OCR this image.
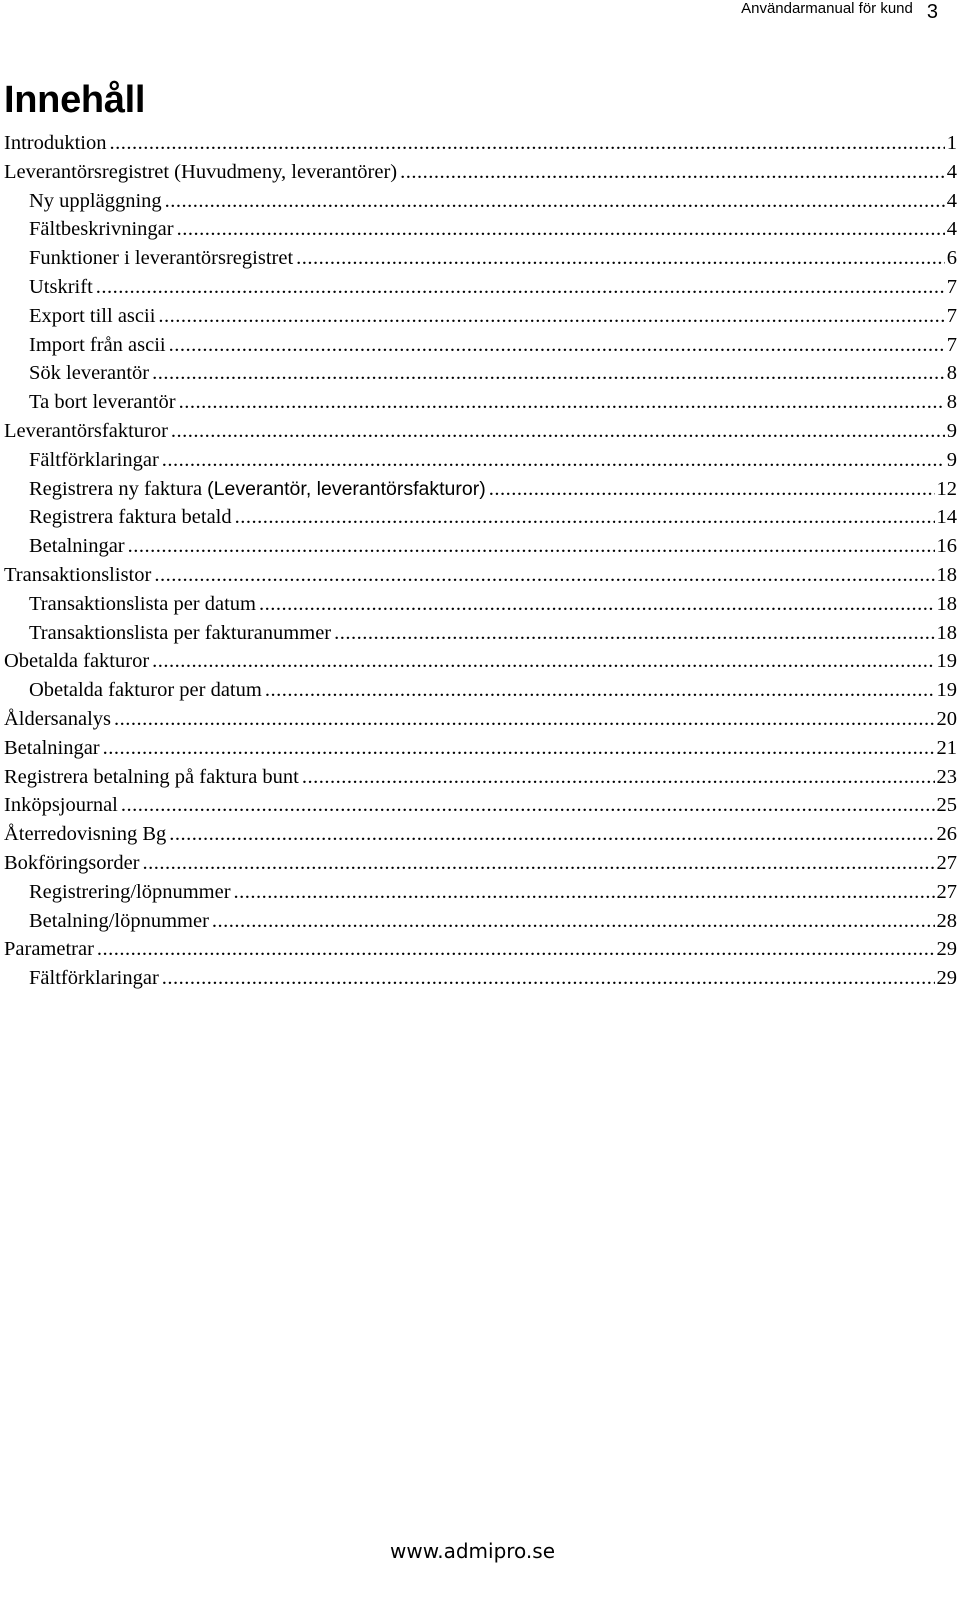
Användarmanual för kund 3
Innehåll
Introduktion .....	1
Leverantörsregistret (Huvudmeny, leverantörer) .....	4
Ny uppläggning .....	4
Fältbeskrivningar .....	4
Funktioner i leverantörsregistret .....	6
Utskrift .....	7
Export till ascii .....	7
Import från ascii .....	7
Sök leverantör .....	8
Ta bort leverantör .....	8
Leverantörsfakturor .....	9
Fältförklaringar .....	9
Registrera ny faktura (Leverantör, leverantörsfakturor) .....	12
Registrera faktura betald .....	14
Betalningar .....	16
Transaktionslistor .....	18
Transaktionslista per datum .....	18
Transaktionslista per fakturanummer .....	18
Obetalda fakturor .....	19
Obetalda fakturor per datum .....	19
Åldersanalys .....	20
Betalningar .....	21
Registrera betalning på faktura bunt .....	23
Inköpsjournal .....	25
Återredovisning Bg .....	26
Bokföringsorder .....	27
Registrering/löpnummer .....	27
Betalning/löpnummer .....	28
Parametrar .....	29
Fältförklaringar .....	29
www.admipro.se
